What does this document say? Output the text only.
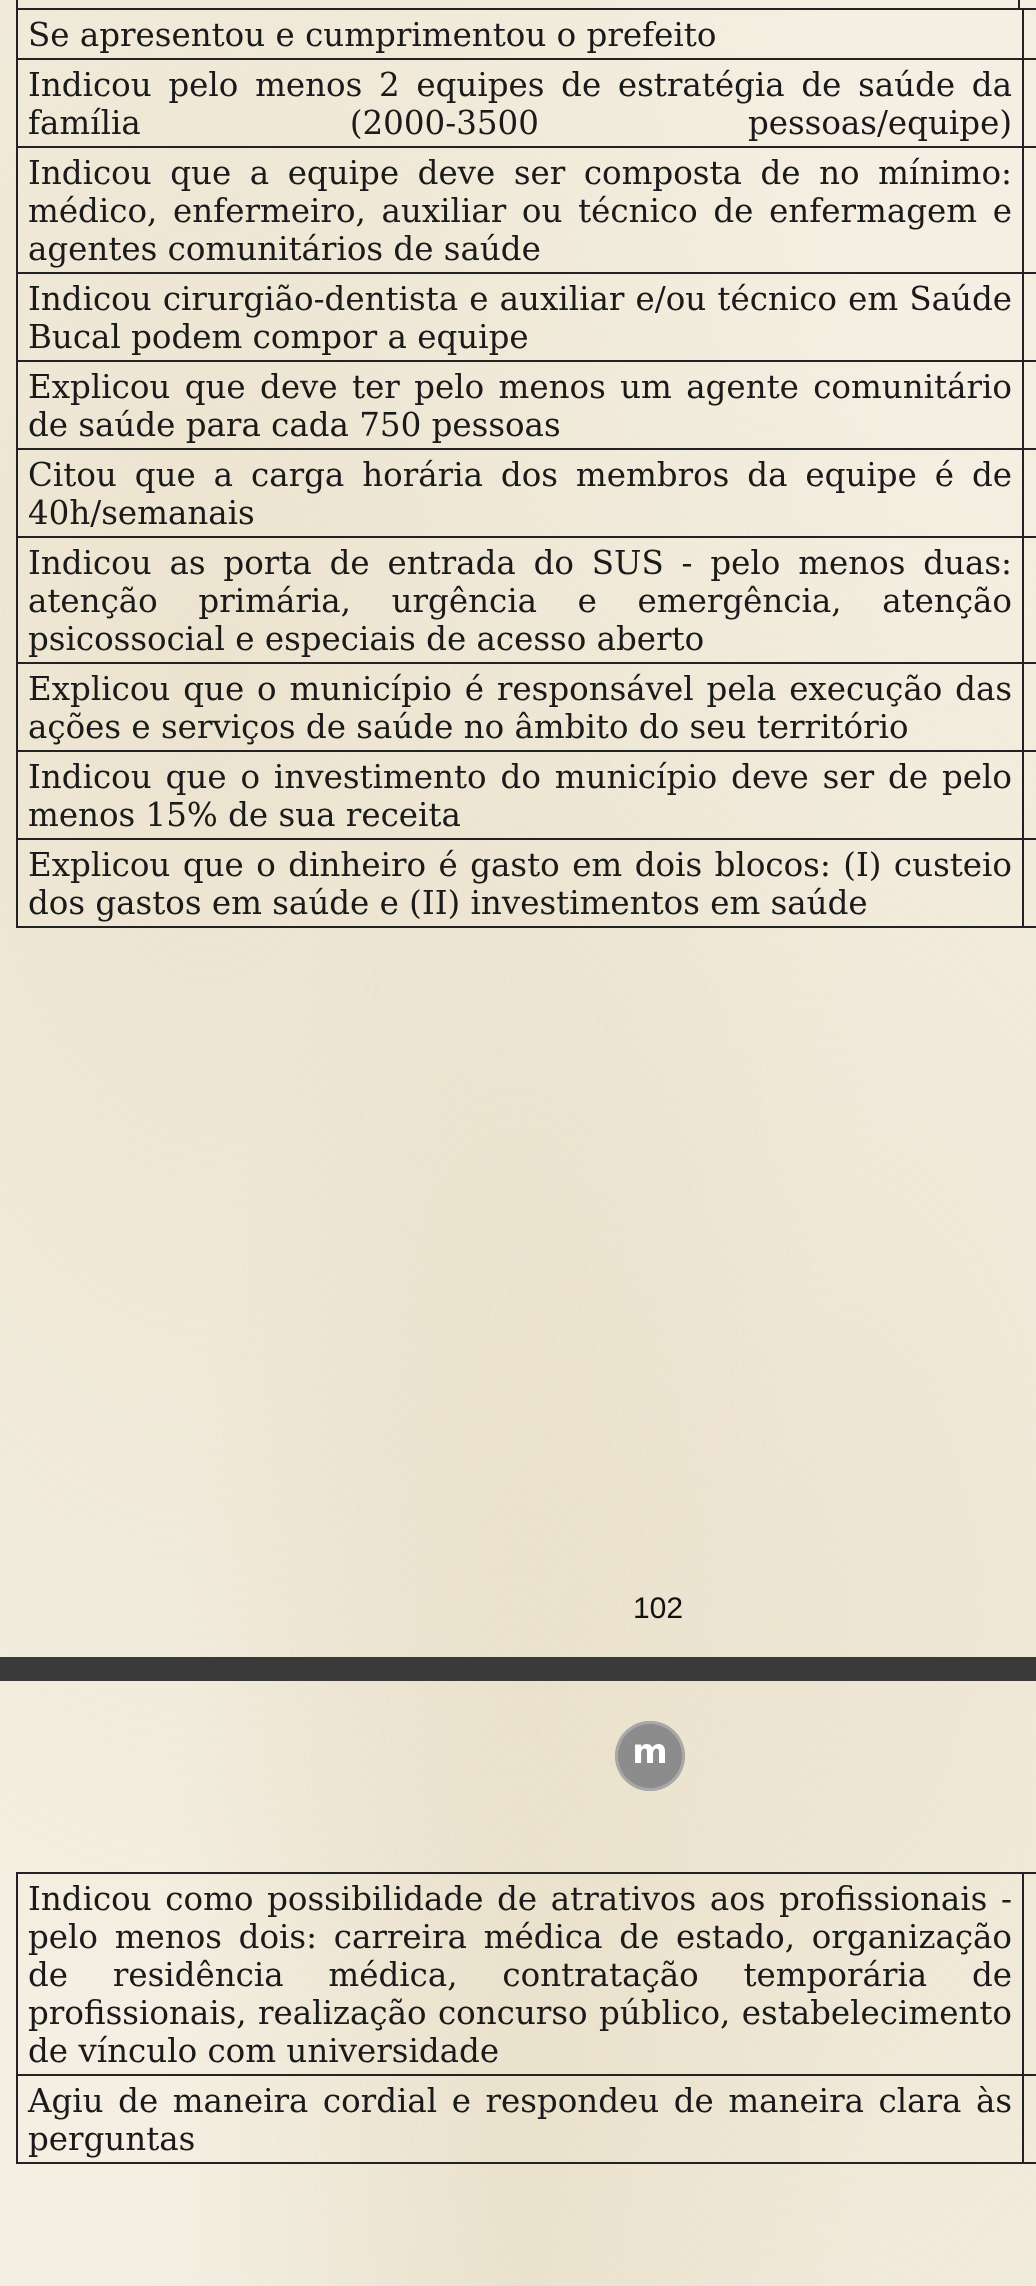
Se apresentou e cumprimentou o prefeito	

Indicou pelo menos 2 equipes de estratégia de saúde da família (2000-3500 pessoas/equipe)	

Indicou que a equipe deve ser composta de no mínimo: médico, enfermeiro, auxiliar ou técnico de enfermagem e agentes comunitários de saúde	

Indicou cirurgião-dentista e auxiliar e/ou técnico em Saúde Bucal podem compor a equipe	

Explicou que deve ter pelo menos um agente comunitário de saúde para cada 750 pessoas	

Citou que a carga horária dos membros da equipe é de 40h/semanais	

Indicou as porta de entrada do SUS - pelo menos duas: atenção primária, urgência e emergência, atenção psicossocial e especiais de acesso aberto	

Explicou que o município é responsável pela execução das ações e serviços de saúde no âmbito do seu território	

Indicou que o investimento do município deve ser de pelo menos 15% de sua receita	

Explicou que o dinheiro é gasto em dois blocos: (I) custeio dos gastos em saúde e (II) investimentos em saúde	

102
m

Indicou como possibilidade de atrativos aos profissionais - pelo menos dois: carreira médica de estado, organização de residência médica, contratação temporária de profissionais, realização concurso público, estabelecimento de vínculo com universidade	

Agiu de maneira cordial e respondeu de maneira clara às perguntas	
